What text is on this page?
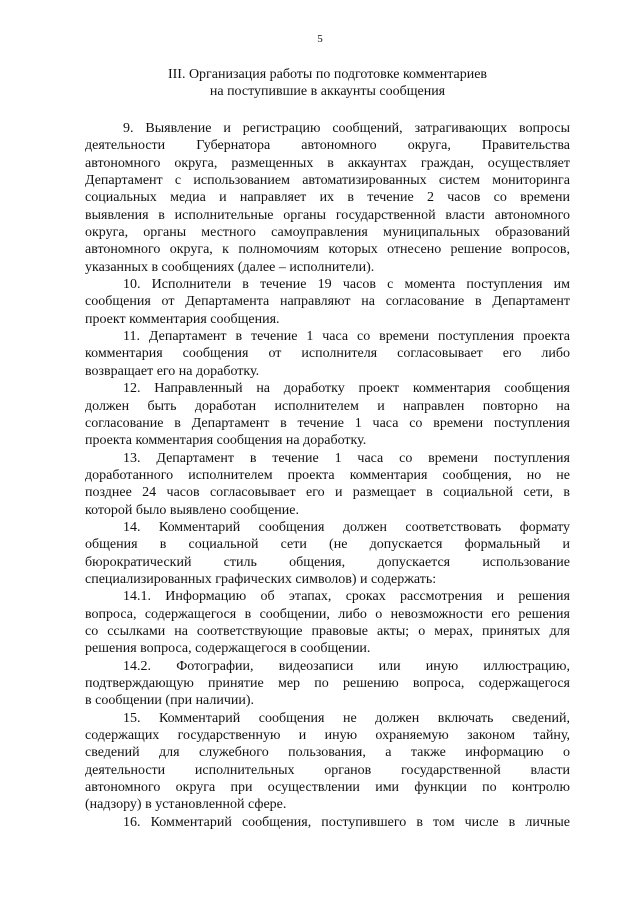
5
III. Организация работы по подготовке комментариев
на поступившие в аккаунты сообщения
9. Выявление и регистрацию сообщений, затрагивающих вопросы
деятельности Губернатора автономного округа, Правительства
автономного округа, размещенных в аккаунтах граждан, осуществляет
Департамент с использованием автоматизированных систем мониторинга
социальных медиа и направляет их в течение 2 часов со времени
выявления в исполнительные органы государственной власти автономного
округа, органы местного самоуправления муниципальных образований
автономного округа, к полномочиям которых отнесено решение вопросов,
указанных в сообщениях (далее – исполнители).
10. Исполнители в течение 19 часов с момента поступления им
сообщения от Департамента направляют на согласование в Департамент
проект комментария сообщения.
11. Департамент в течение 1 часа со времени поступления проекта
комментария сообщения от исполнителя согласовывает его либо
возвращает его на доработку.
12. Направленный на доработку проект комментария сообщения
должен быть доработан исполнителем и направлен повторно на
согласование в Департамент в течение 1 часа со времени поступления
проекта комментария сообщения на доработку.
13. Департамент в течение 1 часа со времени поступления
доработанного исполнителем проекта комментария сообщения, но не
позднее 24 часов согласовывает его и размещает в социальной сети, в
которой было выявлено сообщение.
14. Комментарий сообщения должен соответствовать формату
общения в социальной сети (не допускается формальный и
бюрократический стиль общения, допускается использование
специализированных графических символов) и содержать:
14.1. Информацию об этапах, сроках рассмотрения и решения
вопроса, содержащегося в сообщении, либо о невозможности его решения
со ссылками на соответствующие правовые акты; о мерах, принятых для
решения вопроса, содержащегося в сообщении.
14.2. Фотографии, видеозаписи или иную иллюстрацию,
подтверждающую принятие мер по решению вопроса, содержащегося
в сообщении (при наличии).
15. Комментарий сообщения не должен включать сведений,
содержащих государственную и иную охраняемую законом тайну,
сведений для служебного пользования, а также информацию о
деятельности исполнительных органов государственной власти
автономного округа при осуществлении ими функции по контролю
(надзору) в установленной сфере.
16. Комментарий сообщения, поступившего в том числе в личные
